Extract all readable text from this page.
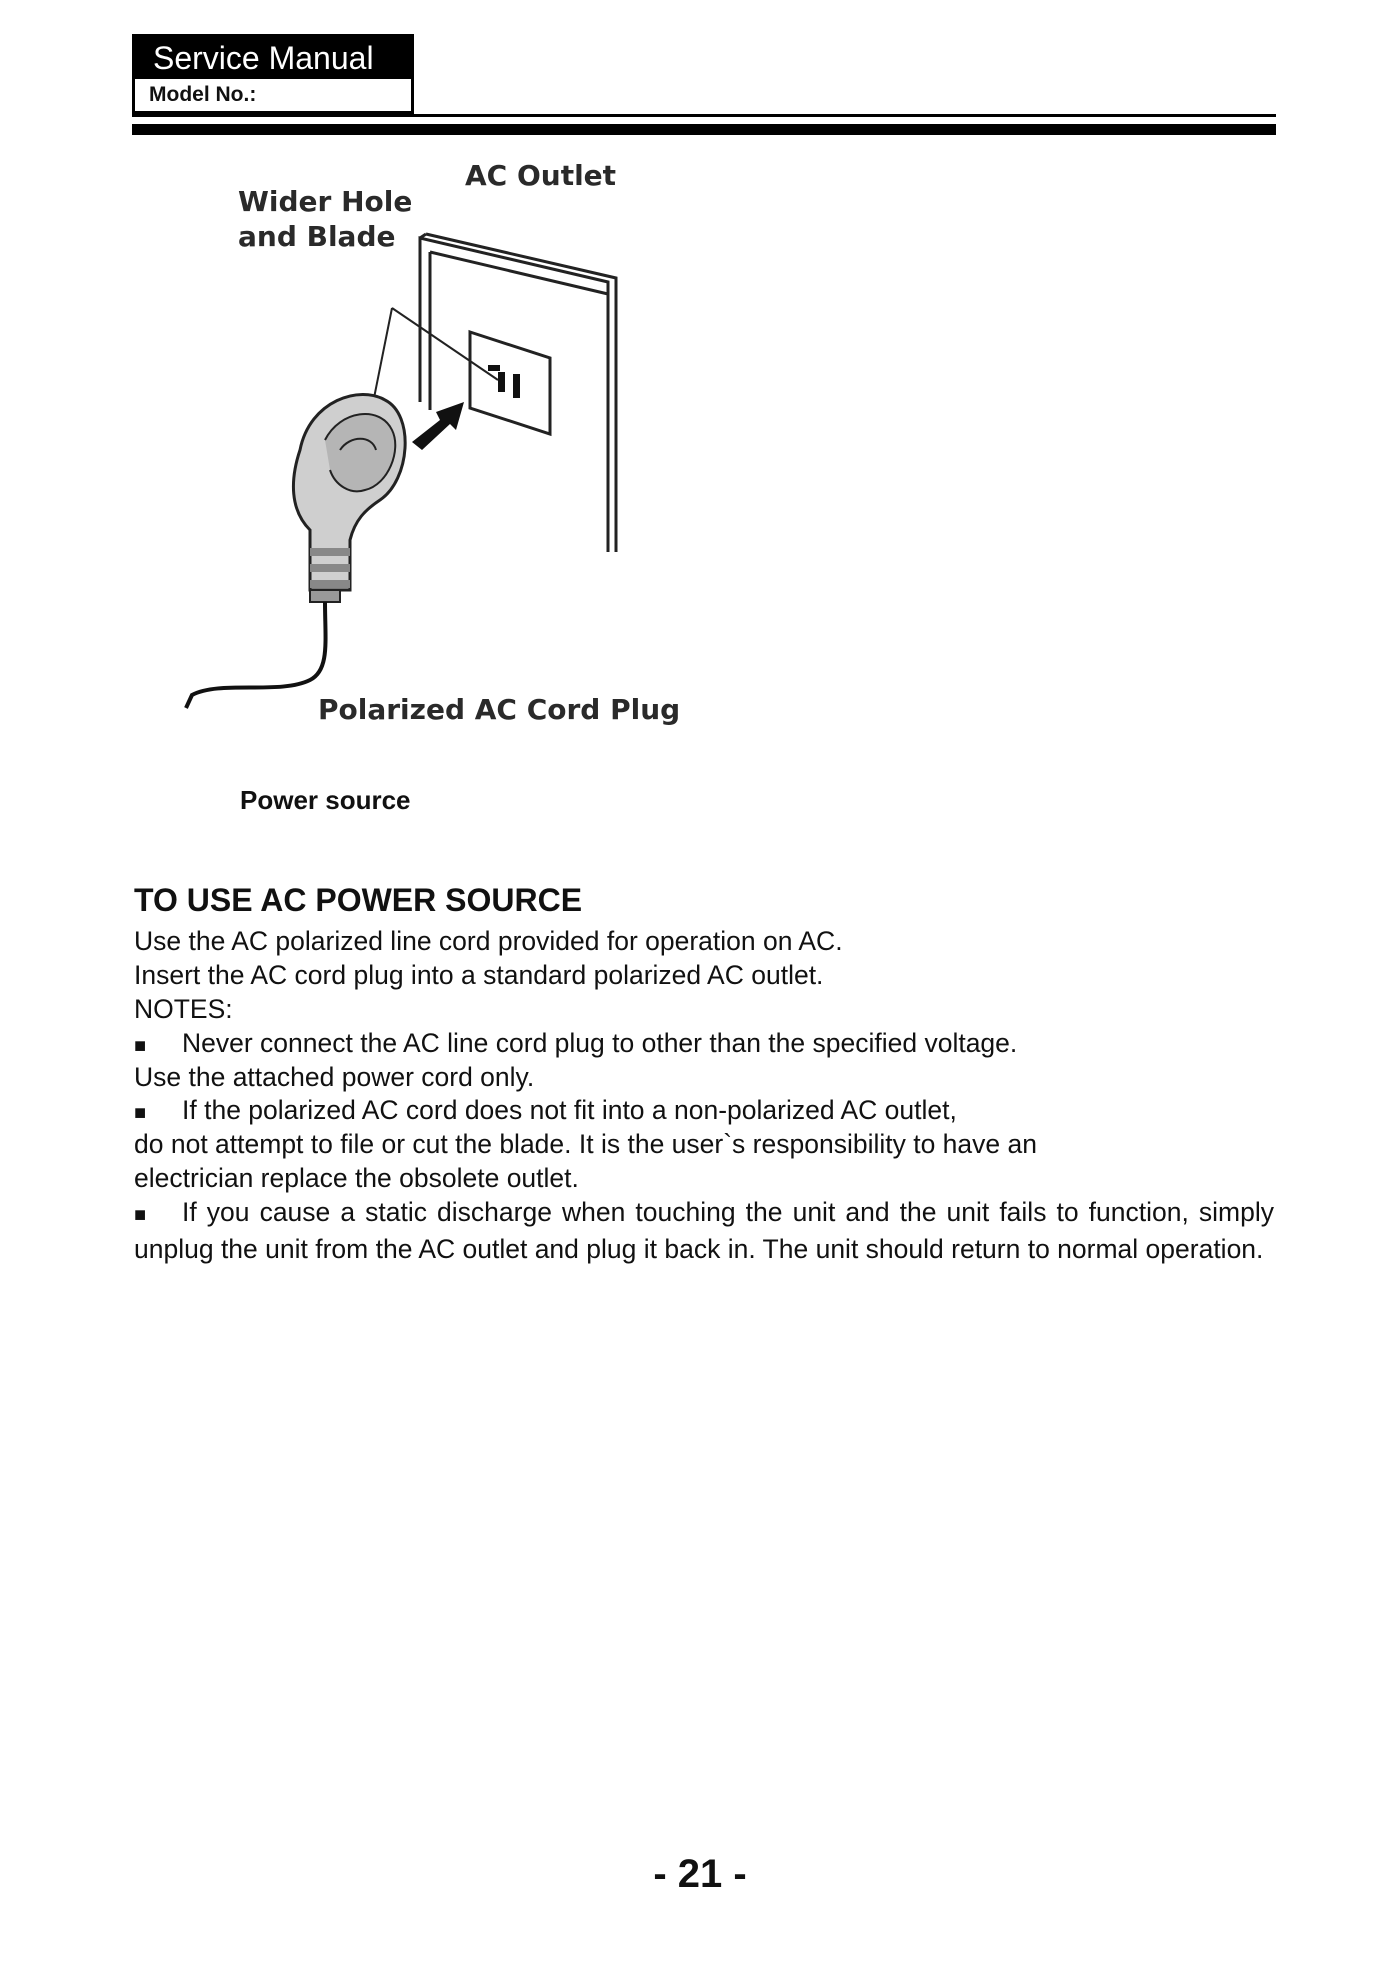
Service Manual
Model No.:
AC Outlet
Wider Hole
and Blade
Polarized AC Cord Plug
Power source
TO USE AC POWER SOURCE
Use the AC polarized line cord provided for operation on AC.
Insert the AC cord plug into a standard polarized AC outlet.
NOTES:
■ Never connect the AC line cord plug to other than the specified voltage.
Use the attached power cord only.
■ If the polarized AC cord does not fit into a non-polarized AC outlet,
do not attempt to file or cut the blade. It is the user`s responsibility to have an
electrician replace the obsolete outlet.
■ If you cause a static discharge when touching the unit and the unit fails to function, simply unplug the unit from the AC outlet and plug it back in. The unit should return to normal operation.
- 21 -
